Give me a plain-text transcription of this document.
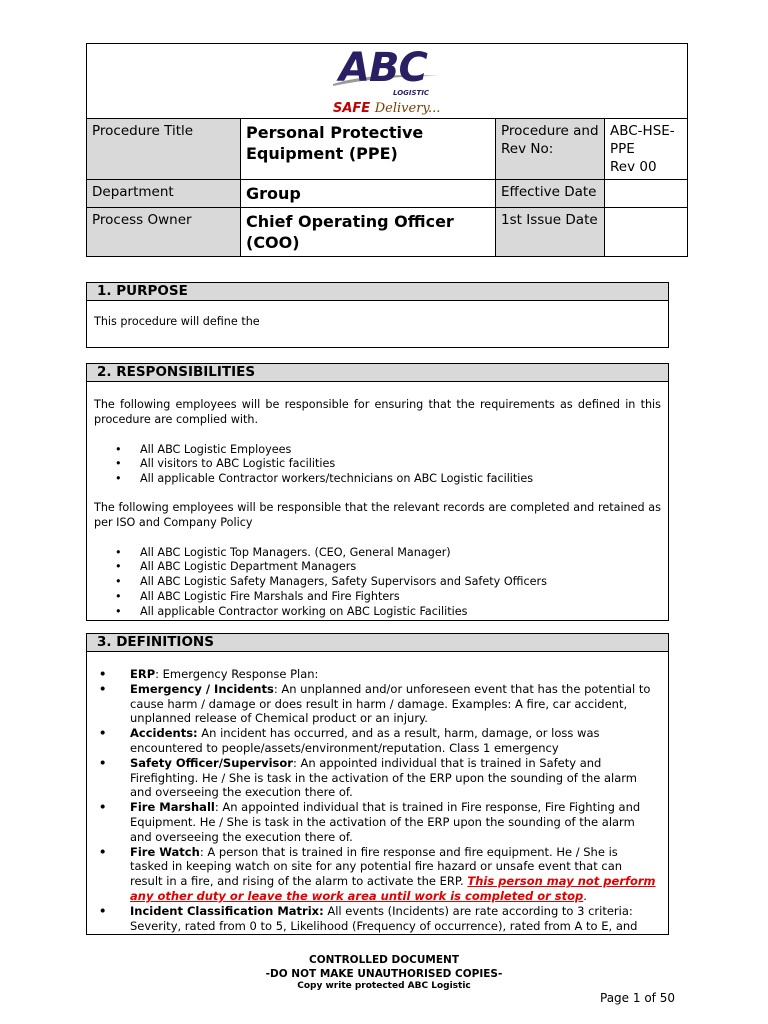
ABC
LOGISTIC
SAFE Delivery...			

Procedure Title	Personal Protective Equipment (PPE)	Procedure and Rev No:	ABC-HSE-PPE
Rev 00

Department	Group	Effective Date	
Process Owner	Chief Operating Officer (COO)	1st Issue Date	
1. PURPOSE

This procedure will define the

2. RESPONSIBILITIES

The following employees will be responsible for ensuring that the requirements as defined in this procedure are complied with.

• All ABC Logistic Employees
• All visitors to ABC Logistic facilities
• All applicable Contractor workers/technicians on ABC Logistic facilities

The following employees will be responsible that the relevant records are completed and retained as per ISO and Company Policy

• All ABC Logistic Top Managers. (CEO, General Manager)
• All ABC Logistic Department Managers
• All ABC Logistic Safety Managers, Safety Supervisors and Safety Officers
• All ABC Logistic Fire Marshals and Fire Fighters
• All applicable Contractor working on ABC Logistic Facilities
3. DEFINITIONS
• ERP: Emergency Response Plan:
• Emergency / Incidents: An unplanned and/or unforeseen event that has the potential to cause harm / damage or does result in harm / damage. Examples: A fire, car accident, unplanned release of Chemical product or an injury.
• Accidents: An incident has occurred, and as a result, harm, damage, or loss was encountered to people/assets/environment/reputation. Class 1 emergency
• Safety Officer/Supervisor: An appointed individual that is trained in Safety and Firefighting. He / She is task in the activation of the ERP upon the sounding of the alarm and overseeing the execution there of.
• Fire Marshall: An appointed individual that is trained in Fire response, Fire Fighting and Equipment. He / She is task in the activation of the ERP upon the sounding of the alarm and overseeing the execution there of.
• Fire Watch: A person that is trained in fire response and fire equipment. He / She is tasked in keeping watch on site for any potential fire hazard or unsafe event that can result in a fire, and rising of the alarm to activate the ERP. This person may not perform any other duty or leave the work area until work is completed or stop.
• Incident Classification Matrix: All events (Incidents) are rate according to 3 criteria: Severity, rated from 0 to 5, Likelihood (Frequency of occurrence), rated from A to E, and
CONTROLLED DOCUMENT
-DO NOT MAKE UNAUTHORISED COPIES-
Copy write protected ABC Logistic
Page 1 of 50
